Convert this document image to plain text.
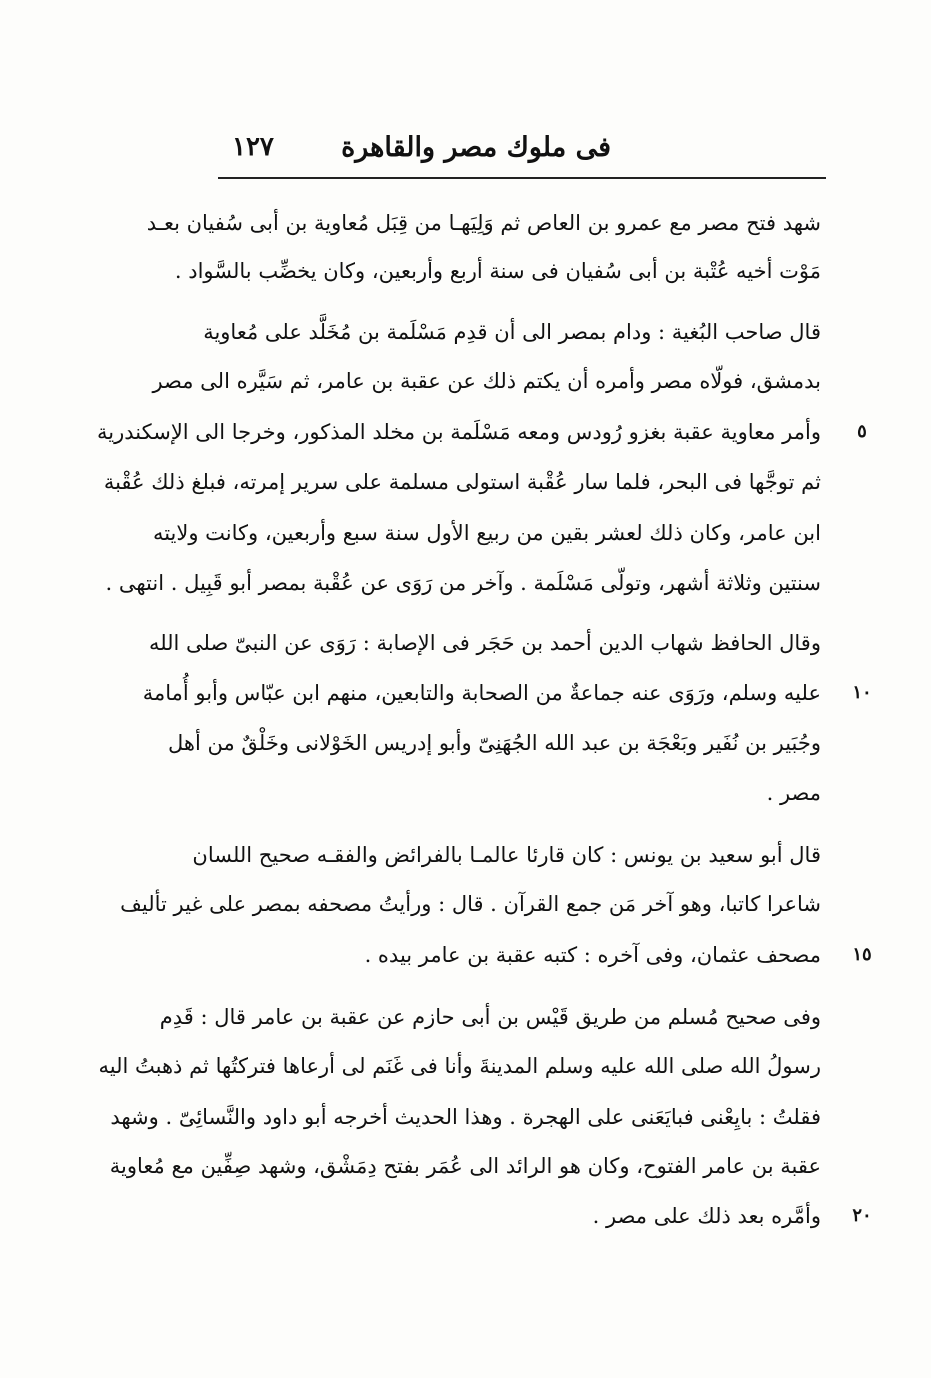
فى ملوك مصر والقاهرة
١٢٧
شهد فتح مصر مع عمرو بن العاص ثم وَلِيَهـا من قِبَل مُعاوية بن أبى سُفيان بعـد
مَوْت أخيه عُتْبة بن أبى سُفيان فى سنة أربع وأربعين، وكان يخضِّب بالسَّواد .
قال صاحب البُغية : ودام بمصر الى أن قدِم مَسْلَمة بن مُخَلَّد على مُعاوية
بدمشق، فولّاه مصر وأمره أن يكتم ذلك عن عقبة بن عامر، ثم سَيَّره الى مصر
وأمر معاوية عقبة بغزو رُودس ومعه مَسْلَمة بن مخلد المذكور، وخرجا الى الإسكندرية
ثم توجَّها فى البحر، فلما سار عُقْبة استولى مسلمة على سرير إمرته، فبلغ ذلك عُقْبة
ابن عامر، وكان ذلك لعشر بقين من ربيع الأول سنة سبع وأربعين، وكانت ولايته
سنتين وثلاثة أشهر، وتولّى مَسْلَمة . وآخر من رَوَى عن عُقْبة بمصر أبو قَبِيل . انتهى .
وقال الحافظ شهاب الدين أحمد بن حَجَر فى الإصابة : رَوَى عن النبىّ صلى الله
عليه وسلم، ورَوَى عنه جماعةٌ من الصحابة والتابعين، منهم ابن عبّاس وأبو أُمامة
وجُبَير بن نُفَير وبَعْجَة بن عبد الله الجُهَنِىّ وأبو إدريس الخَوْلانى وخَلْقٌ من أهل
مصر .
قال أبو سعيد بن يونس : كان قارئا عالمـا بالفرائض والفقـه صحيح اللسان
شاعرا كاتبا، وهو آخر مَن جمع القرآن . قال : ورأيتُ مصحفه بمصر على غير تأليف
مصحف عثمان، وفى آخره : كتبه عقبة بن عامر بيده .
وفى صحيح مُسلم من طريق قَيْس بن أبى حازم عن عقبة بن عامر قال : قَدِم
رسولُ الله صلى الله عليه وسلم المدينةَ وأنا فى غَنَم لى أرعاها فتركتُها ثم ذهبتُ اليه
فقلتُ : بايِعْنى فبايَعَنى على الهجرة . وهذا الحديث أخرجه أبو داود والنَّسائِىّ . وشهد
عقبة بن عامر الفتوح، وكان هو الرائد الى عُمَر بفتح دِمَشْق، وشهد صِفِّين مع مُعاوية
وأمَّره بعد ذلك على مصر .
٥
١٠
١٥
٢٠
